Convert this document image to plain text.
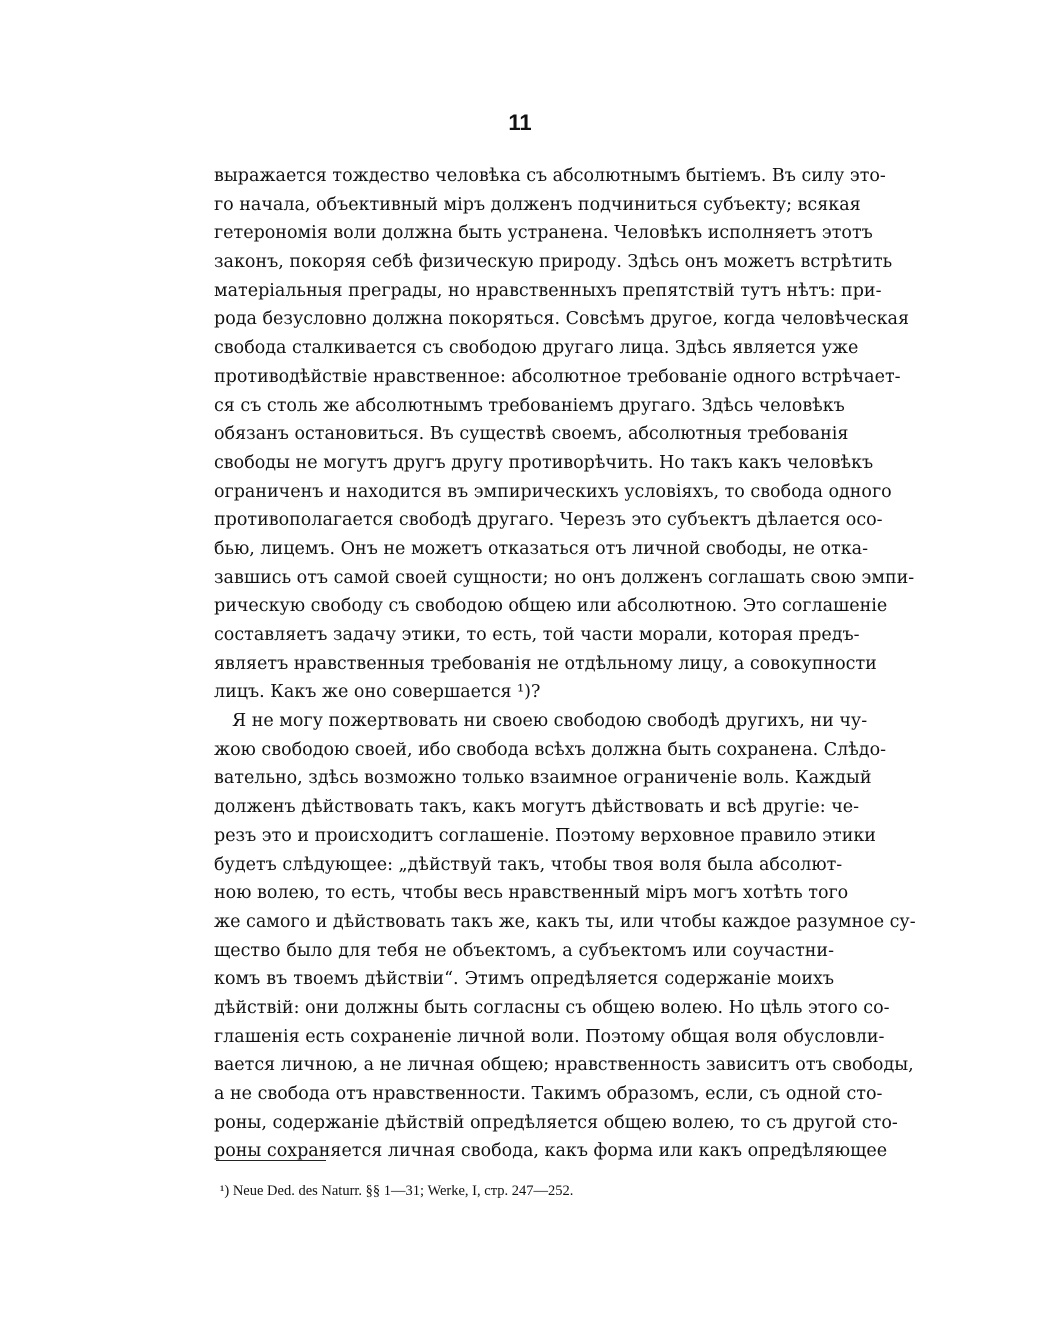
11
выражается тождество человѣка съ абсолютнымъ бытіемъ. Въ силу это-
го начала, объективный міръ долженъ подчиниться субъекту; всякая
гетерономія воли должна быть устранена. Человѣкъ исполняетъ этотъ
законъ, покоряя себѣ физическую природу. Здѣсь онъ можетъ встрѣтить
матеріальныя преграды, но нравственныхъ препятствій тутъ нѣтъ: при-
рода безусловно должна покоряться. Совсѣмъ другое, когда человѣческая
свобода сталкивается съ свободою другаго лица. Здѣсь является уже
противодѣйствіе нравственное: абсолютное требованіе одного встрѣчает-
ся съ столь же абсолютнымъ требованіемъ другаго. Здѣсь человѣкъ
обязанъ остановиться. Въ существѣ своемъ, абсолютныя требованія
свободы не могутъ другъ другу противорѣчить. Но такъ какъ человѣкъ
ограниченъ и находится въ эмпирическихъ условіяхъ, то свобода одного
противополагается свободѣ другаго. Черезъ это субъектъ дѣлается осо-
бью, лицемъ. Онъ не можетъ отказаться отъ личной свободы, не отка-
завшись отъ самой своей сущности; но онъ долженъ соглашать свою эмпи-
рическую свободу съ свободою общею или абсолютною. Это соглашеніе
составляетъ задачу этики, то есть, той части морали, которая предъ-
являетъ нравственныя требованія не отдѣльному лицу, а совокупности
лицъ. Какъ же оно совершается ¹)?
Я не могу пожертвовать ни своею свободою свободѣ другихъ, ни чу-
жою свободою своей, ибо свобода всѣхъ должна быть сохранена. Слѣдо-
вательно, здѣсь возможно только взаимное ограниченіе воль. Каждый
долженъ дѣйствовать такъ, какъ могутъ дѣйствовать и всѣ другіе: че-
резъ это и происходитъ соглашеніе. Поэтому верховное правило этики
будетъ слѣдующее: „дѣйствуй такъ, чтобы твоя воля была абсолют-
ною волею, то есть, чтобы весь нравственный міръ могъ хотѣть того
же самого и дѣйствовать такъ же, какъ ты, или чтобы каждое разумное су-
щество было для тебя не объектомъ, а субъектомъ или соучастни-
комъ въ твоемъ дѣйствіи“. Этимъ опредѣляется содержаніе моихъ
дѣйствій: они должны быть согласны съ общею волею. Но цѣль этого со-
глашенія есть сохраненіе личной воли. Поэтому общая воля обусловли-
вается личною, а не личная общею; нравственность зависитъ отъ свободы,
а не свобода отъ нравственности. Такимъ образомъ, если, съ одной сто-
роны, содержаніе дѣйствій опредѣляется общею волею, то съ другой сто-
роны сохраняется личная свобода, какъ форма или какъ опредѣляющее
¹) Neue Ded. des Naturr. §§ 1—31; Werke, I, стр. 247—252.
